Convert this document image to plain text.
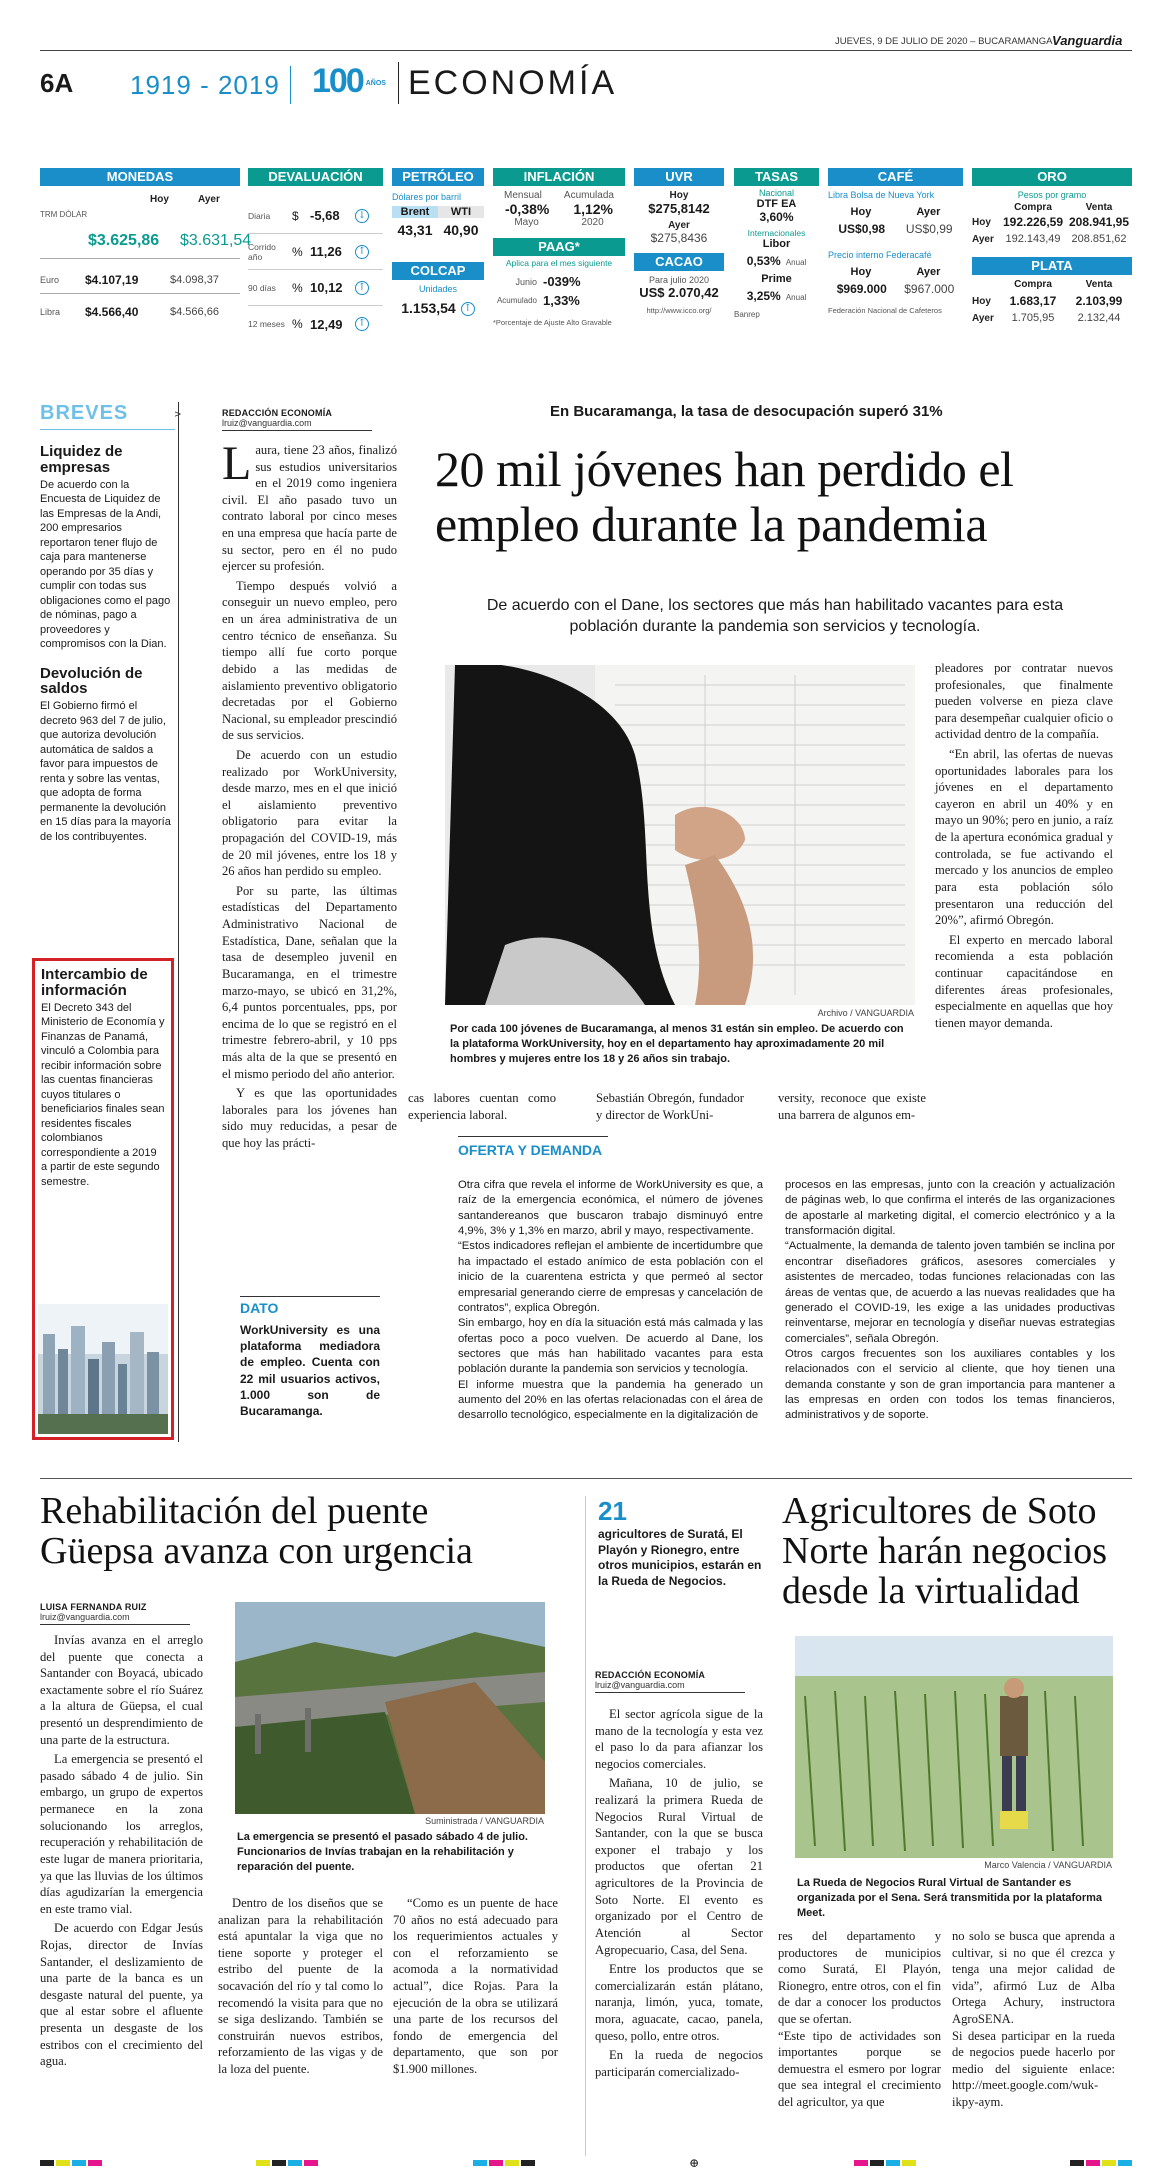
JUEVES, 9 DE JULIO DE 2020 – BUCARAMANGA Vanguardia
6A 1919 - 2019 100 AÑOS ECONOMÍA
MONEDAS
Hoy	Ayer
TRM DÓLAR
$3.625,86 $3.631,54
Euro	$4.107,19	$4.098,37
Libra	$4.566,40	$4.566,66
DEVALUACIÓN
Diaria	$ -5,68	↓
Corrido año	% 11,26	↑
90 días	% 10,12	↑
12 meses % 12,49	↑
PETRÓLEO
Dólares por barril
Brent	WTI
43,31 40,90
COLCAP
Unidades
1.153,54 ↑
INFLACIÓN
Mensual Acumulada
-0,38% 1,12%
Mayo	2020
PAAG*
Aplica para el mes siguiente
Junio -039%
Acumulado 1,33%
*Porcentaje de Ajuste Alto Gravable
UVR
Hoy
$275,8142
Ayer
$275,8436
CACAO
Para julio 2020
US$ 2.070,42
http://www.icco.org/
TASAS
Nacional
DTF EA
3,60%
Internacionales
Libor
0,53% Anual
Prime
3,25% Anual
Banrep
CAFÉ
Libra Bolsa de Nueva York
Hoy	Ayer
US$0,98 US$0,99
Precio interno Federacafé
Hoy	Ayer
$969.000 $967.000
Federación Nacional de Cafeteros
ORO
Pesos por gramo
Compra	Venta
Hoy	192.226,59 208.941,95
Ayer	192.143,49 208.851,62
PLATA
Compra	Venta
Hoy	1.683,17	2.103,99
Ayer	1.705,95	2.132,44
BREVES
Liquidez de empresas

De acuerdo con la Encuesta de Liquidez de las Empresas de la Andi, 200 empresarios reportaron tener flujo de caja para mantenerse operando por 35 días y cumplir con todas sus obligaciones como el pago de nóminas, pago a proveedores y compromisos con la Dian.

Devolución de saldos

El Gobierno firmó el decreto 963 del 7 de julio, que autoriza devolución automática de saldos a favor para impuestos de renta y sobre las ventas, que adopta de forma permanente la devolución en 15 días para la mayoría de los contribuyentes.

>
Intercambio de información

El Decreto 343 del Ministerio de Economía y Finanzas de Panamá, vinculó a Colombia para recibir información sobre las cuentas financieras cuyos titulares o beneficiarios finales sean residentes fiscales colombianos correspondiente a 2019 a partir de este segundo semestre.

REDACCIÓN ECONOMÍA
lruiz@vanguardia.com
En Bucaramanga, la tasa de desocupación superó 31%
20 mil jóvenes han perdido el
empleo durante la pandemia
De acuerdo con el Dane, los sectores que más han habilitado vacantes para esta población durante la pandemia son servicios y tecnología.

Laura, tiene 23 años, finalizó sus estudios universitarios en el 2019 como ingeniera civil. El año pasado tuvo un contrato laboral por cinco meses en una empresa que hacía parte de su sector, pero en él no pudo ejercer su profesión.

Tiempo después volvió a conseguir un nuevo empleo, pero en un área administrativa de un centro técnico de enseñanza. Su tiempo allí fue corto porque debido a las medidas de aislamiento preventivo obligatorio decretadas por el Gobierno Nacional, su empleador prescindió de sus servicios.

De acuerdo con un estudio realizado por WorkUniversity, desde marzo, mes en el que inició el aislamiento preventivo obligatorio para evitar la propagación del COVID-19, más de 20 mil jóvenes, entre los 18 y 26 años han perdido su empleo.

Por su parte, las últimas estadísticas del Departamento Administrativo Nacional de Estadística, Dane, señalan que la tasa de desempleo juvenil en Bucaramanga, en el trimestre marzo-mayo, se ubicó en 31,2%, 6,4 puntos porcentuales, pps, por encima de lo que se registró en el trimestre febrero-abril, y 10 pps más alta de la que se presentó en el mismo periodo del año anterior.

Y es que las oportunidades laborales para los jóvenes han sido muy reducidas, a pesar de que hoy las prácti-

Archivo / VANGUARDIA
Por cada 100 jóvenes de Bucaramanga, al menos 31 están sin empleo. De acuerdo con la plataforma WorkUniversity, hoy en el departamento hay aproximadamente 20 mil hombres y mujeres entre los 18 y 26 años sin trabajo.

pleadores por contratar nuevos profesionales, que finalmente pueden volverse en pieza clave para desempeñar cualquier oficio o actividad dentro de la compañía.

“En abril, las ofertas de nuevas oportunidades laborales para los jóvenes en el departamento cayeron en abril un 40% y en mayo un 90%; pero en junio, a raíz de la apertura económica gradual y controlada, se fue activando el mercado y los anuncios de empleo para esta población sólo presentaron una reducción del 20%”, afirmó Obregón.

El experto en mercado laboral recomienda a esta población continuar capacitándose en diferentes áreas profesionales, especialmente en aquellas que hoy tienen mayor demanda.

cas labores cuentan como experiencia laboral.

Sebastián Obregón, fundador y director de WorkUni-

versity, reconoce que existe una barrera de algunos em-

OFERTA Y DEMANDA

Otra cifra que revela el informe de WorkUniversity es que, a raíz de la emergencia económica, el número de jóvenes santandereanos que buscaron trabajo disminuyó entre 4,9%, 3% y 1,3% en marzo, abril y mayo, respectivamente.
“Estos indicadores reflejan el ambiente de incertidumbre que ha impactado el estado anímico de esta población con el inicio de la cuarentena estricta y que permeó al sector empresarial generando cierre de empresas y cancelación de contratos”, explica Obregón.
Sin embargo, hoy en día la situación está más calmada y las ofertas poco a poco vuelven. De acuerdo al Dane, los sectores que más han habilitado vacantes para esta población durante la pandemia son servicios y tecnología.
El informe muestra que la pandemia ha generado un aumento del 20% en las ofertas relacionadas con el área de desarrollo tecnológico, especialmente en la digitalización de

procesos en las empresas, junto con la creación y actualización de páginas web, lo que confirma el interés de las organizaciones de apostarle al marketing digital, el comercio electrónico y a la transformación digital.
“Actualmente, la demanda de talento joven también se inclina por encontrar diseñadores gráficos, asesores comerciales y asistentes de mercadeo, todas funciones relacionadas con las áreas de ventas que, de acuerdo a las nuevas realidades que ha generado el COVID-19, les exige a las unidades productivas reinventarse, mejorar en tecnología y diseñar nuevas estrategias comerciales”, señala Obregón.
Otros cargos frecuentes son los auxiliares contables y los relacionados con el servicio al cliente, que hoy tienen una demanda constante y son de gran importancia para mantener a las empresas en orden con todos los temas financieros, administrativos y de soporte.

DATO
WorkUniversity es una plataforma mediadora de empleo. Cuenta con 22 mil usuarios activos, 1.000 son de Bucaramanga.
Rehabilitación del puente
Güepsa avanza con urgencia
LUISA FERNANDA RUIZ
lruiz@vanguardia.com

Invías avanza en el arreglo del puente que conecta a Santander con Boyacá, ubicado exactamente sobre el río Suárez a la altura de Güepsa, el cual presentó un desprendimiento de una parte de la estructura.

La emergencia se presentó el pasado sábado 4 de julio. Sin embargo, un grupo de expertos permanece en la zona solucionando los arreglos, recuperación y rehabilitación de este lugar de manera prioritaria, ya que las lluvias de los últimos días agudizarían la emergencia en este tramo vial.

De acuerdo con Edgar Jesús Rojas, director de Invías Santander, el deslizamiento de una parte de la banca es un desgaste natural del puente, ya que al estar sobre el afluente presenta un desgaste de los estribos con el crecimiento del agua.

Suministrada / VANGUARDIA
La emergencia se presentó el pasado sábado 4 de julio. Funcionarios de Invías trabajan en la rehabilitación y reparación del puente.

Dentro de los diseños que se analizan para la rehabilitación está apuntalar la viga que no tiene soporte y proteger el estribo del puente de la socavación del río y tal como lo recomendó la visita para que no se siga deslizando. También se construirán nuevos estribos, reforzamiento de las vigas y de la loza del puente.

“Como es un puente de hace 70 años no está adecuado para los requerimientos actuales y con el reforzamiento se acomoda a la normatividad actual”, dice Rojas. Para la ejecución de la obra se utilizará una parte de los recursos del fondo de emergencia del departamento, que son por $1.900 millones.

21
agricultores de Suratá, El Playón y Rionegro, entre otros municipios, estarán en la Rueda de Negocios.
Agricultores de Soto
Norte harán negocios
desde la virtualidad
REDACCIÓN ECONOMÍA
lruiz@vanguardia.com

El sector agrícola sigue de la mano de la tecnología y esta vez el paso lo da para afianzar los negocios comerciales.

Mañana, 10 de julio, se realizará la primera Rueda de Negocios Rural Virtual de Santander, con la que se busca exponer el trabajo y los productos que ofertan 21 agricultores de la Provincia de Soto Norte. El evento es organizado por el Centro de Atención al Sector Agropecuario, Casa, del Sena.

Entre los productos que se comercializarán están plátano, naranja, limón, yuca, tomate, mora, aguacate, cacao, panela, queso, pollo, entre otros.

En la rueda de negocios participarán comercializado-

Marco Valencia / VANGUARDIA
La Rueda de Negocios Rural Virtual de Santander es organizada por el Sena. Será transmitida por la plataforma Meet.

res del departamento y productores de municipios como Suratá, El Playón, Rionegro, entre otros, con el fin de dar a conocer los productos que se ofertan.
“Este tipo de actividades son importantes porque se demuestra el esmero por lograr que sea integral el crecimiento del agricultor, ya que

no solo se busca que aprenda a cultivar, si no que él crezca y tenga una mejor calidad de vida”, afirmó Luz de Alba Ortega Achury, instructora AgroSENA.
Si desea participar en la rueda de negocios puede hacerlo por medio del siguiente enlace: http://meet.google.com/wuk-ikpy-aym.

⊕
